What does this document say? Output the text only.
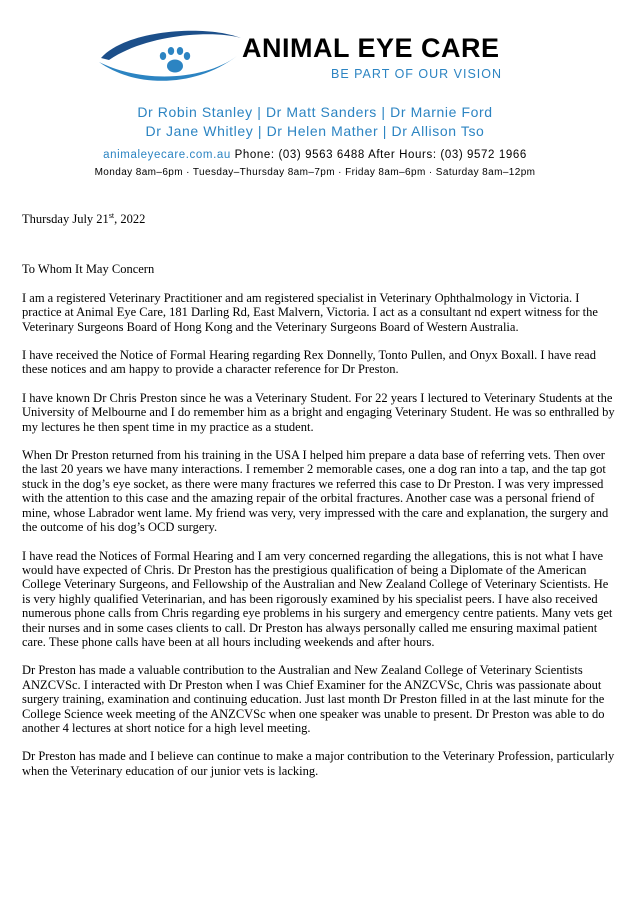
ANIMAL EYE CARE
BE PART OF OUR VISION
Dr Robin Stanley | Dr Matt Sanders | Dr Marnie Ford
Dr Jane Whitley | Dr Helen Mather | Dr Allison Tso
animaleyecare.com.au Phone: (03) 9563 6488 After Hours: (03) 9572 1966
Monday 8am–6pm · Tuesday–Thursday 8am–7pm · Friday 8am–6pm · Saturday 8am–12pm

Thursday July 21st, 2022

To Whom It May Concern

I am a registered Veterinary Practitioner and am registered specialist in Veterinary Ophthalmology in Victoria. I practice at Animal Eye Care, 181 Darling Rd, East Malvern, Victoria. I act as a consultant nd expert witness for the Veterinary Surgeons Board of Hong Kong and the Veterinary Surgeons Board of Western Australia.

I have received the Notice of Formal Hearing regarding Rex Donnelly, Tonto Pullen, and Onyx Boxall. I have read these notices and am happy to provide a character reference for Dr Preston.

I have known Dr Chris Preston since he was a Veterinary Student. For 22 years I lectured to Veterinary Students at the University of Melbourne and I do remember him as a bright and engaging Veterinary Student. He was so enthralled by my lectures he then spent time in my practice as a student.

When Dr Preston returned from his training in the USA I helped him prepare a data base of referring vets. Then over the last 20 years we have many interactions. I remember 2 memorable cases, one a dog ran into a tap, and the tap got stuck in the dog’s eye socket, as there were many fractures we referred this case to Dr Preston. I was very impressed with the attention to this case and the amazing repair of the orbital fractures. Another case was a personal friend of mine, whose Labrador went lame. My friend was very, very impressed with the care and explanation, the surgery and the outcome of his dog’s OCD surgery.

I have read the Notices of Formal Hearing and I am very concerned regarding the allegations, this is not what I have would have expected of Chris. Dr Preston has the prestigious qualification of being a Diplomate of the American College Veterinary Surgeons, and Fellowship of the Australian and New Zealand College of Veterinary Scientists. He is very highly qualified Veterinarian, and has been rigorously examined by his specialist peers. I have also received numerous phone calls from Chris regarding eye problems in his surgery and emergency centre patients. Many vets get their nurses and in some cases clients to call. Dr Preston has always personally called me ensuring maximal patient care. These phone calls have been at all hours including weekends and after hours.

Dr Preston has made a valuable contribution to the Australian and New Zealand College of Veterinary Scientists ANZCVSc. I interacted with Dr Preston when I was Chief Examiner for the ANZCVSc, Chris was passionate about surgery training, examination and continuing education. Just last month Dr Preston filled in at the last minute for the College Science week meeting of the ANZCVSc when one speaker was unable to present. Dr Preston was able to do another 4 lectures at short notice for a high level meeting.

Dr Preston has made and I believe can continue to make a major contribution to the Veterinary Profession, particularly when the Veterinary education of our junior vets is lacking.
